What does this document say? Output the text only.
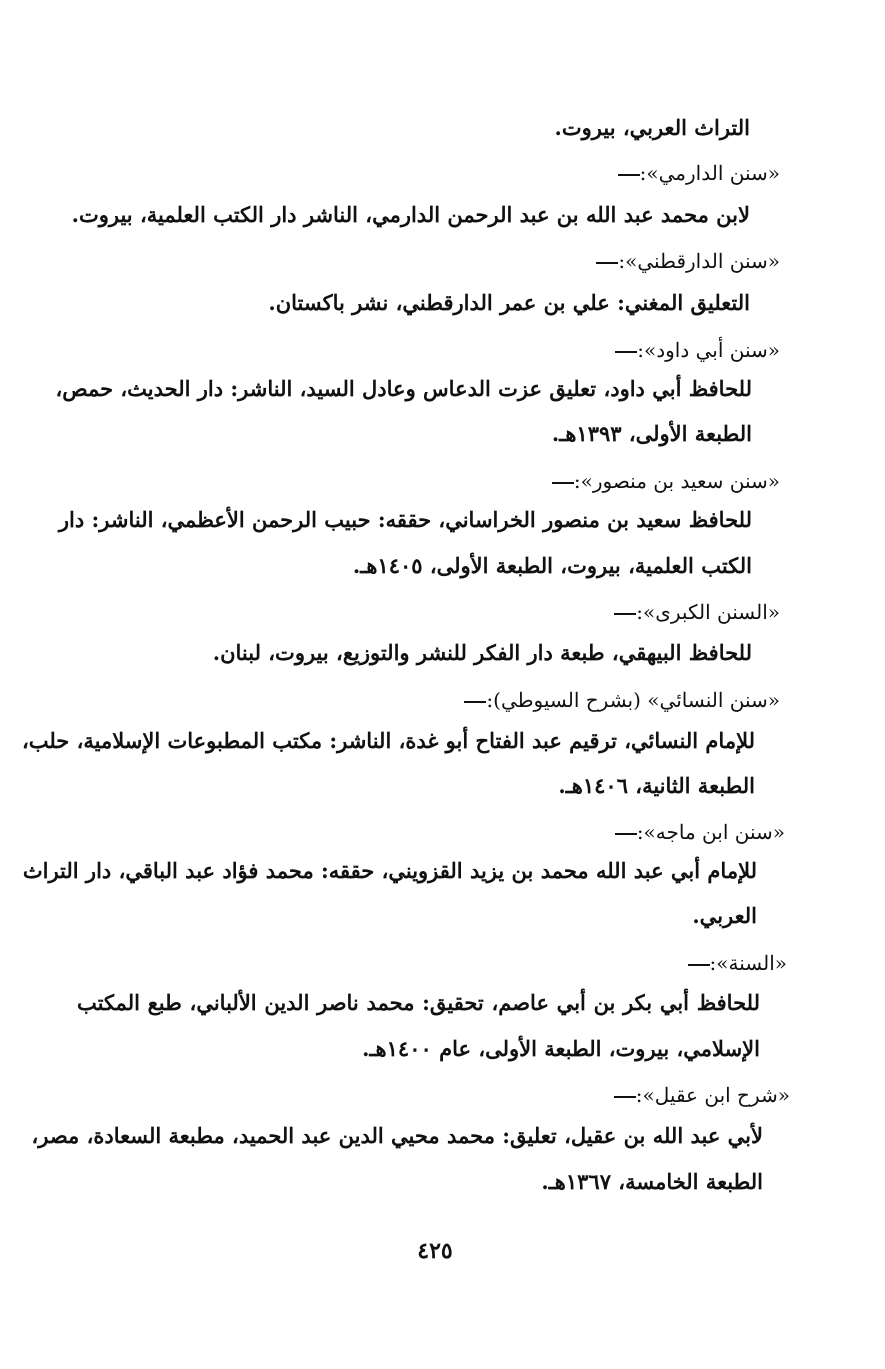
التراث العربي، بيروت.
«سنن الدارمي»:
لابن محمد عبد الله بن عبد الرحمن الدارمي، الناشر دار الكتب العلمية، بيروت.
«سنن الدارقطني»:
التعليق المغني: علي بن عمر الدارقطني، نشر باكستان.
«سنن أبي داود»:
للحافظ أبي داود، تعليق عزت الدعاس وعادل السيد، الناشر: دار الحديث، حمص،
الطبعة الأولى، ١٣٩٣هـ.
«سنن سعيد بن منصور»:
للحافظ سعيد بن منصور الخراساني، حققه: حبيب الرحمن الأعظمي، الناشر: دار
الكتب العلمية، بيروت، الطبعة الأولى، ١٤٠٥هـ.
«السنن الكبرى»:
للحافظ البيهقي، طبعة دار الفكر للنشر والتوزيع، بيروت، لبنان.
«سنن النسائي» (بشرح السيوطي):
للإمام النسائي، ترقيم عبد الفتاح أبو غدة، الناشر: مكتب المطبوعات الإسلامية، حلب،
الطبعة الثانية، ١٤٠٦هـ.
«سنن ابن ماجه»:
للإمام أبي عبد الله محمد بن يزيد القزويني، حققه: محمد فؤاد عبد الباقي، دار التراث
العربي.
«السنة»:
للحافظ أبي بكر بن أبي عاصم، تحقيق: محمد ناصر الدين الألباني، طبع المكتب
الإسلامي، بيروت، الطبعة الأولى، عام ١٤٠٠هـ.
«شرح ابن عقيل»:
لأبي عبد الله بن عقيل، تعليق: محمد محيي الدين عبد الحميد، مطبعة السعادة، مصر،
الطبعة الخامسة، ١٣٦٧هـ.
٤٢٥
